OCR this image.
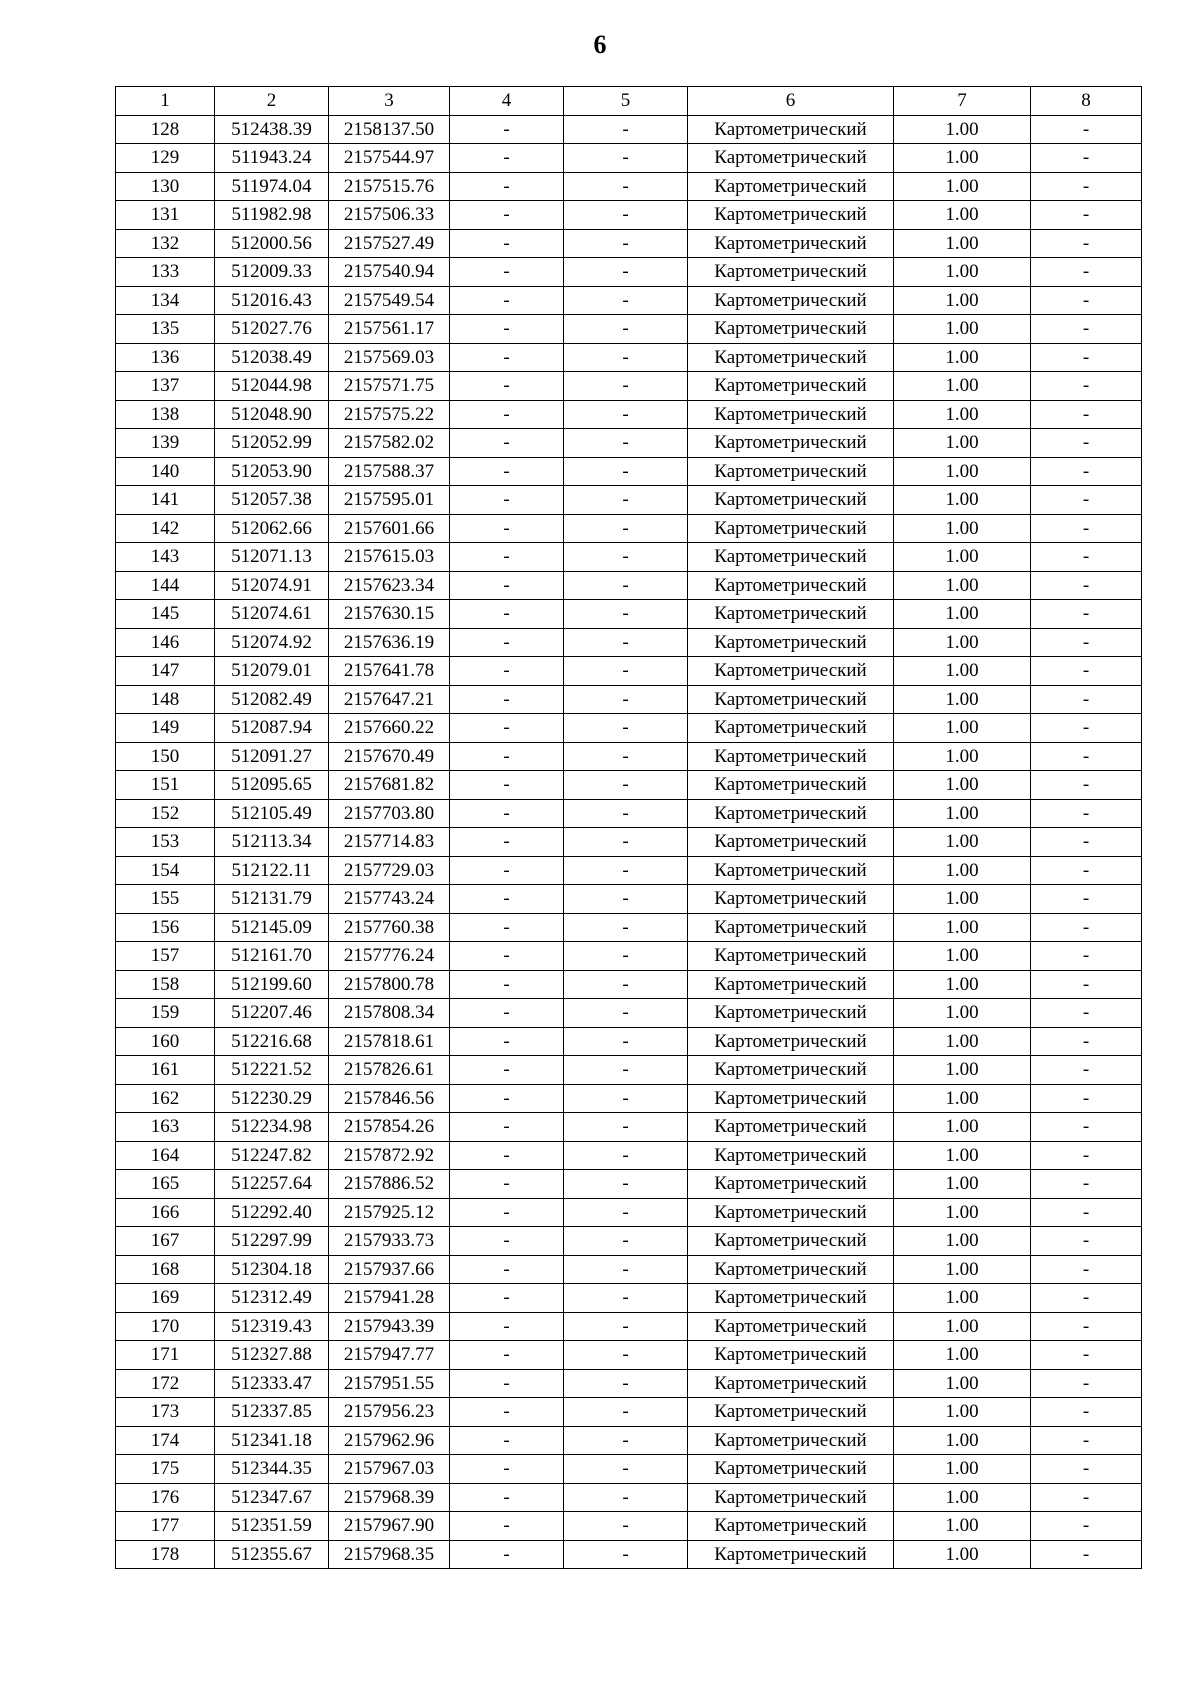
6
1	2	3	4	5	6	7	8
128	512438.39	2158137.50	-	-	Картометрический	1.00	-
129	511943.24	2157544.97	-	-	Картометрический	1.00	-
130	511974.04	2157515.76	-	-	Картометрический	1.00	-
131	511982.98	2157506.33	-	-	Картометрический	1.00	-
132	512000.56	2157527.49	-	-	Картометрический	1.00	-
133	512009.33	2157540.94	-	-	Картометрический	1.00	-
134	512016.43	2157549.54	-	-	Картометрический	1.00	-
135	512027.76	2157561.17	-	-	Картометрический	1.00	-
136	512038.49	2157569.03	-	-	Картометрический	1.00	-
137	512044.98	2157571.75	-	-	Картометрический	1.00	-
138	512048.90	2157575.22	-	-	Картометрический	1.00	-
139	512052.99	2157582.02	-	-	Картометрический	1.00	-
140	512053.90	2157588.37	-	-	Картометрический	1.00	-
141	512057.38	2157595.01	-	-	Картометрический	1.00	-
142	512062.66	2157601.66	-	-	Картометрический	1.00	-
143	512071.13	2157615.03	-	-	Картометрический	1.00	-
144	512074.91	2157623.34	-	-	Картометрический	1.00	-
145	512074.61	2157630.15	-	-	Картометрический	1.00	-
146	512074.92	2157636.19	-	-	Картометрический	1.00	-
147	512079.01	2157641.78	-	-	Картометрический	1.00	-
148	512082.49	2157647.21	-	-	Картометрический	1.00	-
149	512087.94	2157660.22	-	-	Картометрический	1.00	-
150	512091.27	2157670.49	-	-	Картометрический	1.00	-
151	512095.65	2157681.82	-	-	Картометрический	1.00	-
152	512105.49	2157703.80	-	-	Картометрический	1.00	-
153	512113.34	2157714.83	-	-	Картометрический	1.00	-
154	512122.11	2157729.03	-	-	Картометрический	1.00	-
155	512131.79	2157743.24	-	-	Картометрический	1.00	-
156	512145.09	2157760.38	-	-	Картометрический	1.00	-
157	512161.70	2157776.24	-	-	Картометрический	1.00	-
158	512199.60	2157800.78	-	-	Картометрический	1.00	-
159	512207.46	2157808.34	-	-	Картометрический	1.00	-
160	512216.68	2157818.61	-	-	Картометрический	1.00	-
161	512221.52	2157826.61	-	-	Картометрический	1.00	-
162	512230.29	2157846.56	-	-	Картометрический	1.00	-
163	512234.98	2157854.26	-	-	Картометрический	1.00	-
164	512247.82	2157872.92	-	-	Картометрический	1.00	-
165	512257.64	2157886.52	-	-	Картометрический	1.00	-
166	512292.40	2157925.12	-	-	Картометрический	1.00	-
167	512297.99	2157933.73	-	-	Картометрический	1.00	-
168	512304.18	2157937.66	-	-	Картометрический	1.00	-
169	512312.49	2157941.28	-	-	Картометрический	1.00	-
170	512319.43	2157943.39	-	-	Картометрический	1.00	-
171	512327.88	2157947.77	-	-	Картометрический	1.00	-
172	512333.47	2157951.55	-	-	Картометрический	1.00	-
173	512337.85	2157956.23	-	-	Картометрический	1.00	-
174	512341.18	2157962.96	-	-	Картометрический	1.00	-
175	512344.35	2157967.03	-	-	Картометрический	1.00	-
176	512347.67	2157968.39	-	-	Картометрический	1.00	-
177	512351.59	2157967.90	-	-	Картометрический	1.00	-
178	512355.67	2157968.35	-	-	Картометрический	1.00	-
